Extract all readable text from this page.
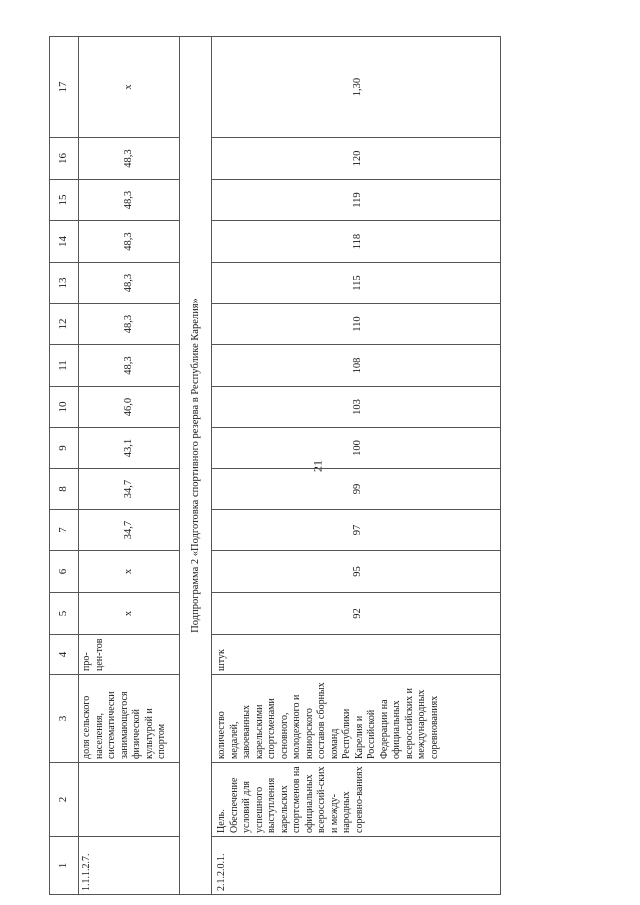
21
1	2	3	4	5	6	7	8	9	10	11	12	13	14	15	16	17
1.1.1.2.7.		доля сельского населения, систематически занимающегося физической культурой и спортом	про-цен-тов	x	x	34,7	34,7	43,1	46,0	48,3	48,3	48,3	48,3	48,3	48,3	x
Подпрограмма 2 «Подготовка спортивного резерва в Республике Карелия»																
2.1.2.0.1.	Цель. Обеспечение условий для успешного выступления карельских спортсменов на официальных всероссий-ских и между-народных соревно-ваниях	количество медалей, завоеванных карельскими спортсменами основного, молодежного и юниорского составов сборных команд Республики Карелия и Российской Федерации на официальных всероссийских и международных соревнованиях	штук	92	95	97	99	100	103	108	110	115	118	119	120	1,30
